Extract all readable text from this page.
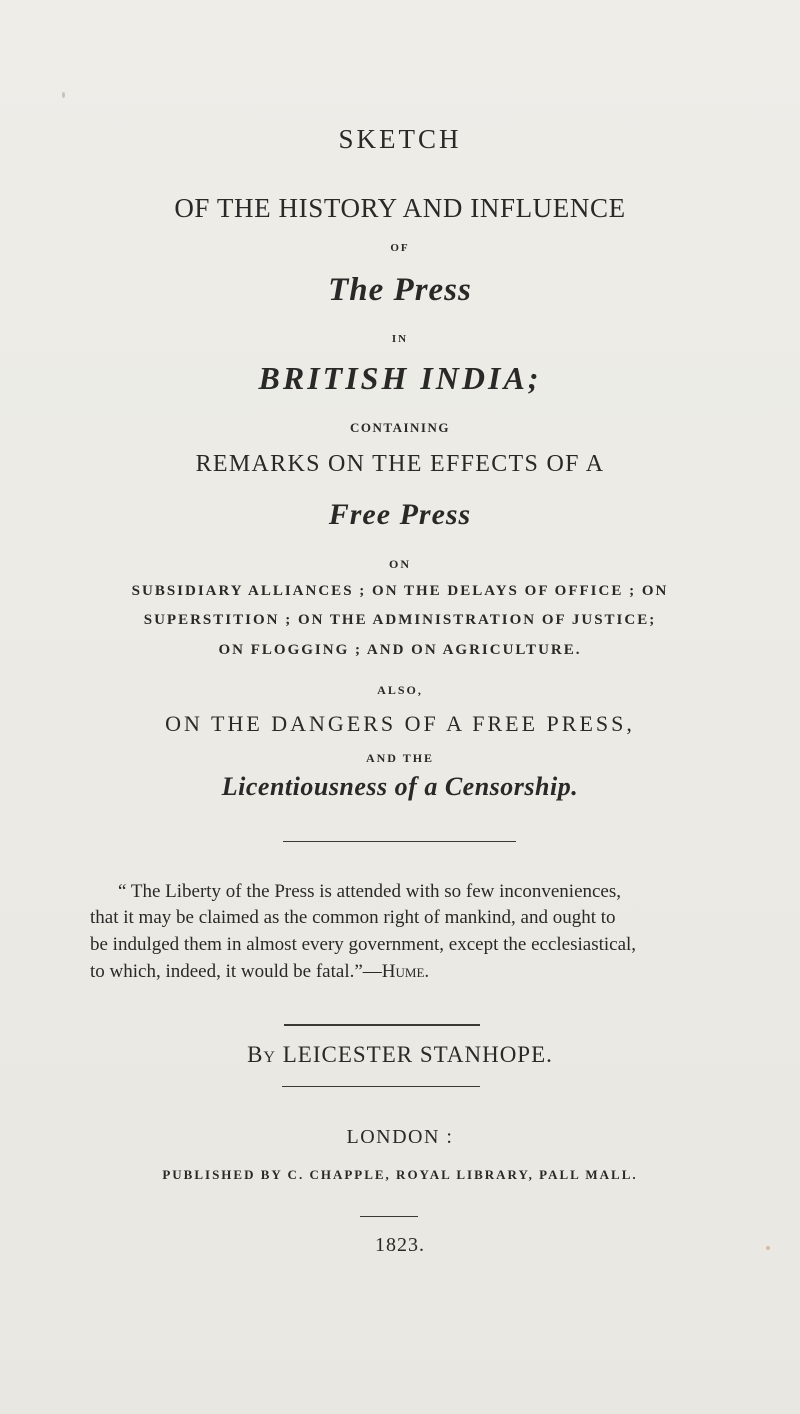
SKETCH
OF THE HISTORY AND INFLUENCE
OF
The Press
IN
BRITISH INDIA;
CONTAINING
REMARKS ON THE EFFECTS OF A
Free Press
ON
SUBSIDIARY ALLIANCES ; ON THE DELAYS OF OFFICE ; ON
SUPERSTITION ; ON THE ADMINISTRATION OF JUSTICE;
ON FLOGGING ; AND ON AGRICULTURE.
ALSO,
ON THE DANGERS OF A FREE PRESS,
AND THE
Licentiousness of a Censorship.
“ The Liberty of the Press is attended with so few inconveniences,
that it may be claimed as the common right of mankind, and ought to
be indulged them in almost every government, except the ecclesiastical,
to which, indeed, it would be fatal.”—Hume.
By LEICESTER STANHOPE.
LONDON :
PUBLISHED BY C. CHAPPLE, ROYAL LIBRARY, PALL MALL.
1823.
